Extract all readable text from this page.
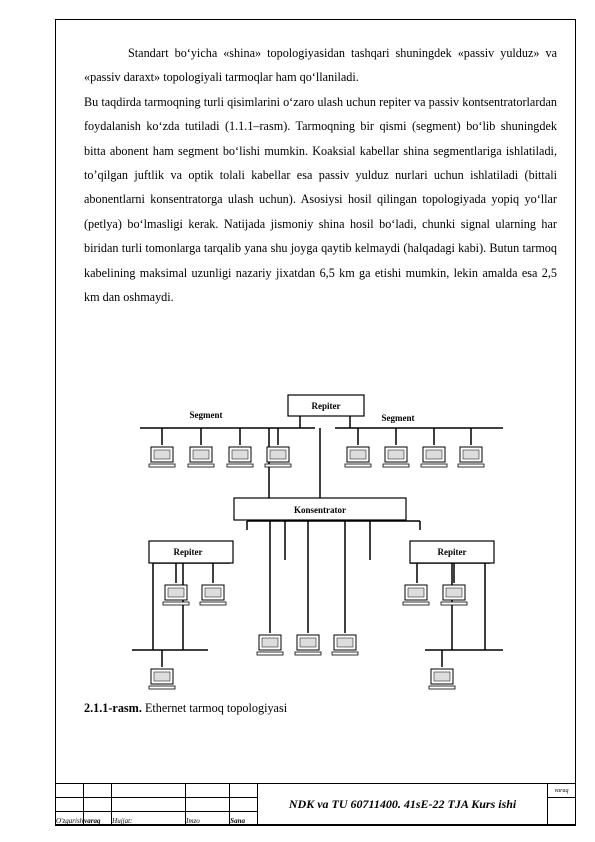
Standart bo‘yicha «shina» topologiyasidan tashqari shuningdek «passiv yulduz» va «passiv daraxt» topologiyali tarmoqlar ham qo‘llaniladi.

Bu taqdirda tarmoqning turli qisimlarini o‘zaro ulash uchun repiter va passiv kontsentratorlardan foydalanish ko‘zda tutiladi (1.1.1–rasm). Tarmoqning bir qismi (segment) bo‘lib shuningdek bitta abonent ham segment bo‘lishi mumkin. Koaksial kabellar shina segmentlariga ishlatiladi, to’qilgan juftlik va optik tolali kabellar esa passiv yulduz nurlari uchun ishlatiladi (bittali abonentlarni konsentratorga ulash uchun). Asosiysi hosil qilingan topologiyada yopiq yo‘llar (petlya) bo‘lmasligi kerak. Natijada jismoniy shina hosil bo‘ladi, chunki signal ularning har biridan turli tomonlarga tarqalib yana shu joyga qaytib kelmaydi (halqadagi kabi). Butun tarmoq kabelining maksimal uzunligi nazariy jixatdan 6,5 km ga etishi mumkin, lekin amalda esa 2,5 km dan oshmaydi.

Repiter
Segment	Segment
Konsentrator
Repiter	Repiter
2.1.1-rasm. Ethernet tarmoq topologiyasi
					NDK va TU 60711400. 41sE-22 TJA Kurs ishi	varaq

O'zgarish	varaq	Hujjat:	Imzo	Sana		
